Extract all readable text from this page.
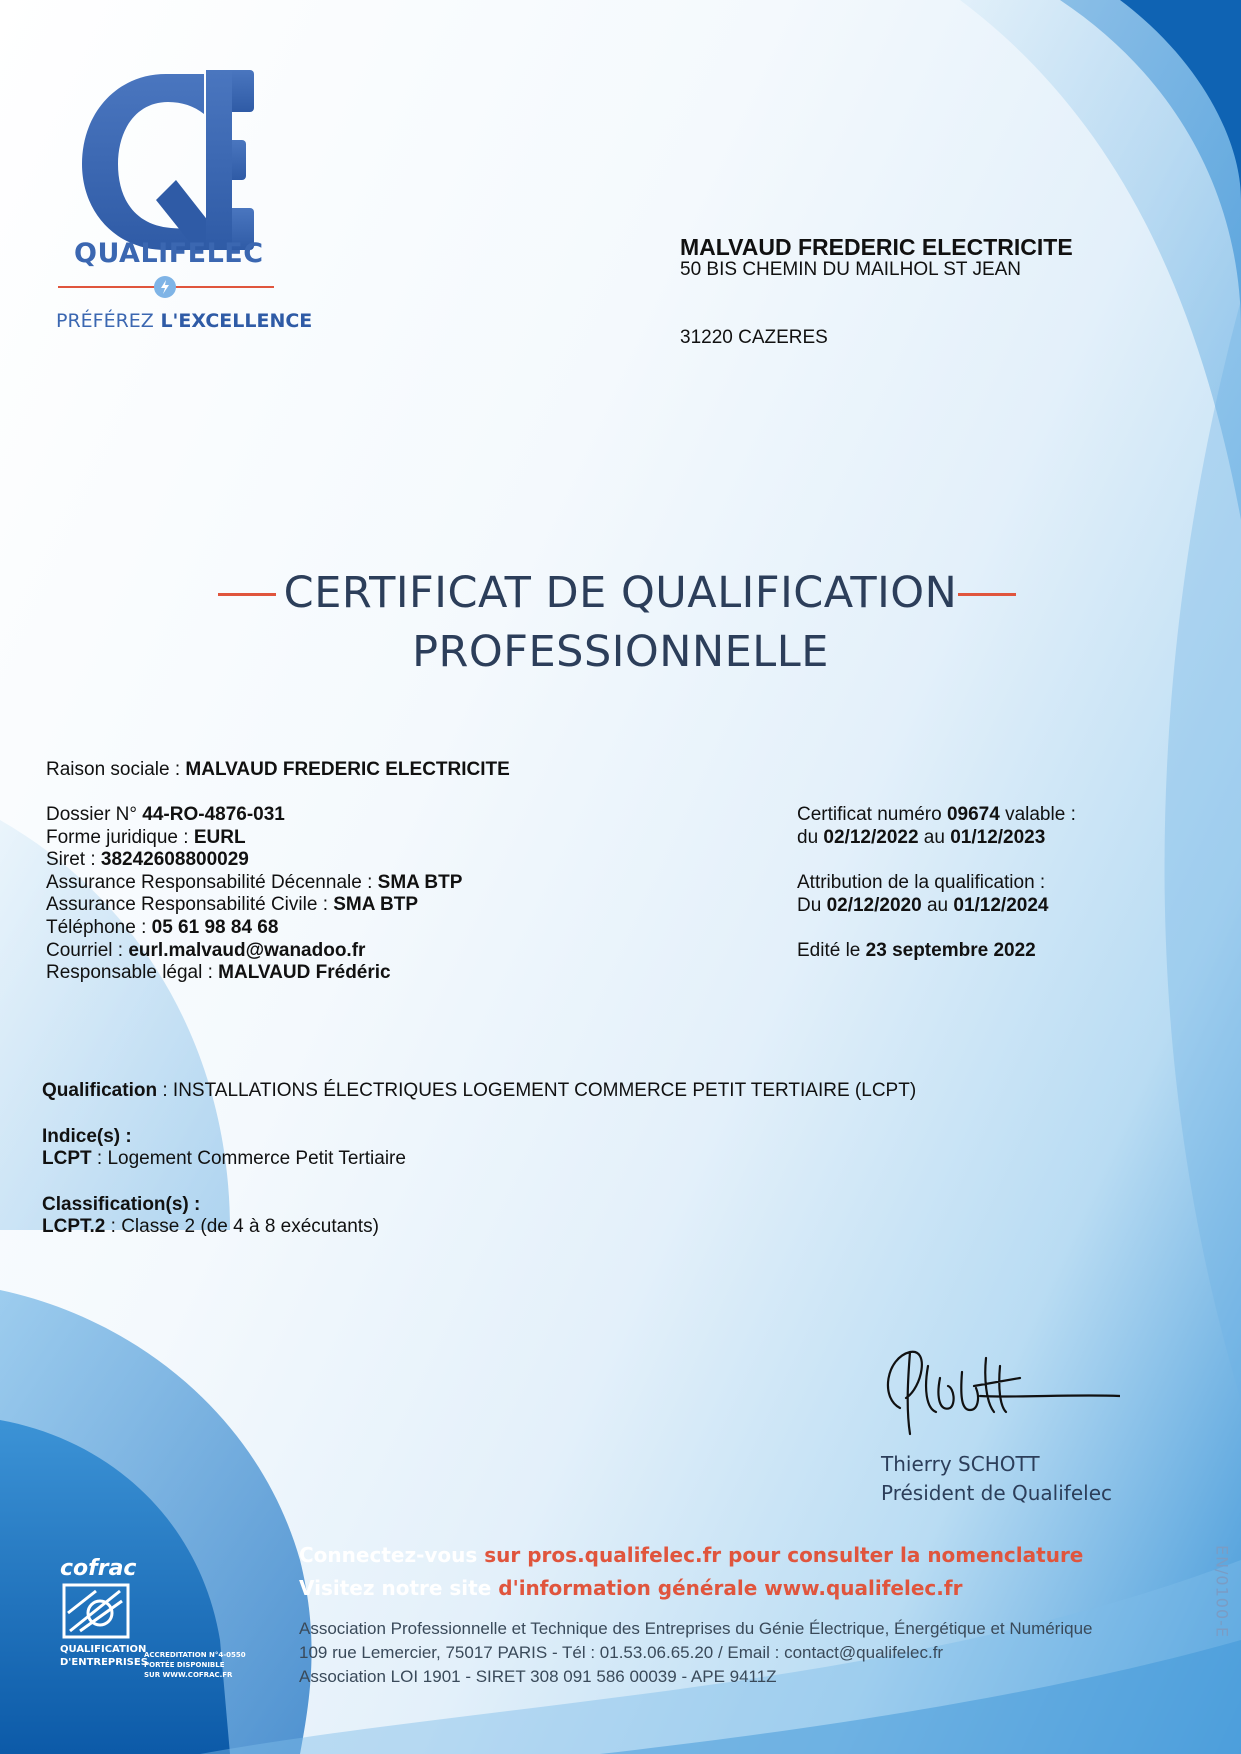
QUALIFELEC
PRÉFÉREZ L'EXCELLENCE
MALVAUD FREDERIC ELECTRICITE
50 BIS CHEMIN DU MAILHOL ST JEAN
31220 CAZERES
CERTIFICAT DE QUALIFICATION
PROFESSIONNELLE
Raison sociale : MALVAUD FREDERIC ELECTRICITE
Dossier N° 44-RO-4876-031
Forme juridique : EURL
Siret : 38242608800029
Assurance Responsabilité Décennale : SMA BTP
Assurance Responsabilité Civile : SMA BTP
Téléphone : 05 61 98 84 68
Courriel : eurl.malvaud@wanadoo.fr
Responsable légal : MALVAUD Frédéric
Certificat numéro 09674 valable :
du 02/12/2022 au 01/12/2023
Attribution de la qualification :
Du 02/12/2020 au 01/12/2024
Edité le 23 septembre 2022
Qualification : INSTALLATIONS ÉLECTRIQUES LOGEMENT COMMERCE PETIT TERTIAIRE (LCPT)
Indice(s) :
LCPT : Logement Commerce Petit Tertiaire
Classification(s) :
LCPT.2 : Classe 2 (de 4 à 8 exécutants)
Thierry SCHOTT
Président de Qualifelec
EN/0100-E
Connectez-vous sur pros.qualifelec.fr pour consulter la nomenclature
Visitez notre site d'information générale www.qualifelec.fr
Association Professionnelle et Technique des Entreprises du Génie Électrique, Énergétique et Numérique
109 rue Lemercier, 75017 PARIS - Tél : 01.53.06.65.20 / Email : contact@qualifelec.fr
Association LOI 1901 - SIRET 308 091 586 00039 - APE 9411Z
cofrac
QUALIFICATION
D'ENTREPRISES
ACCREDITATION N°4-0550
PORTÉE DISPONIBLE
SUR WWW.COFRAC.FR
